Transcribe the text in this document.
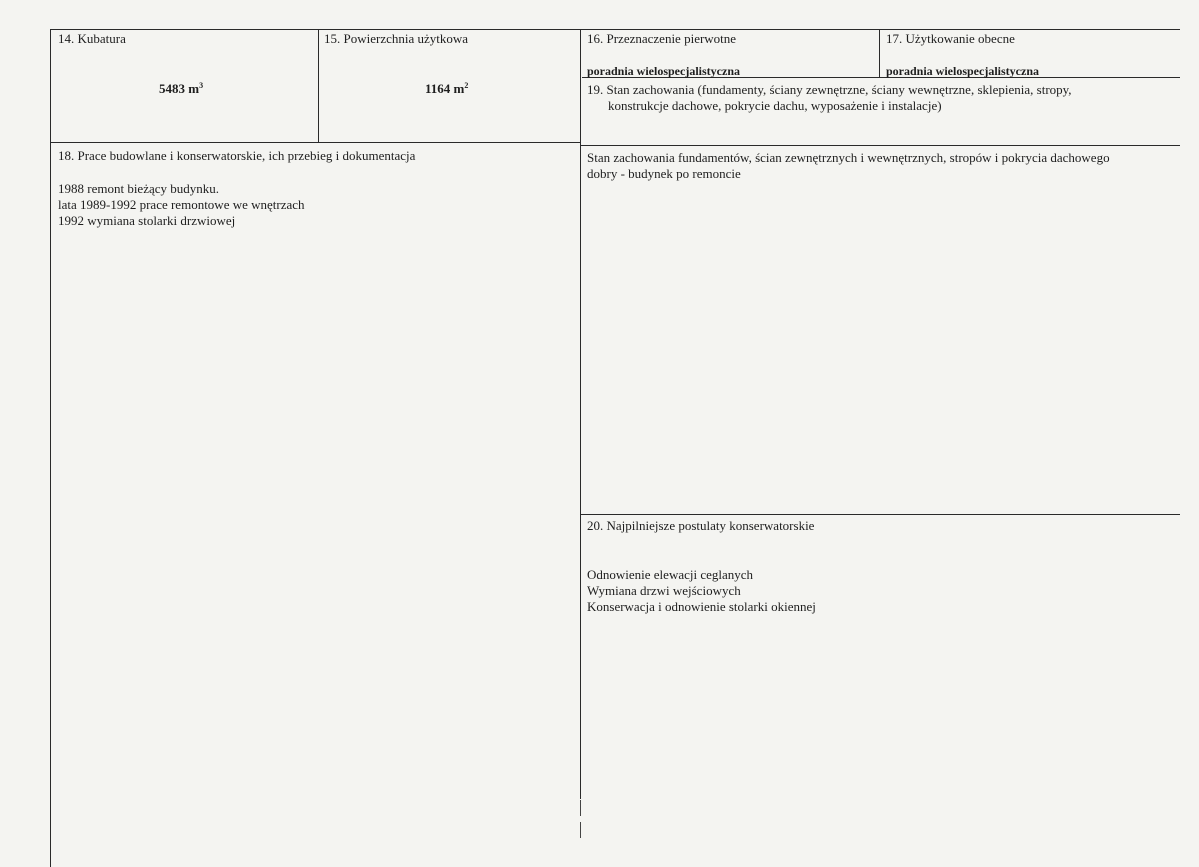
14. Kubatura
5483 $m^3$
15. Powierzchnia użytkowa
1164 $m^2$
16. Przeznaczenie pierwotne
poradnia wielospecjalistyczna
17. Użytkowanie obecne
poradnia wielospecjalistyczna
19. Stan zachowania (fundamenty, ściany zewnętrzne, ściany wewnętrzne, sklepienia, stropy,
konstrukcje dachowe, pokrycie dachu, wyposażenie i instalacje)
Stan zachowania fundamentów, ścian zewnętrznych i wewnętrznych, stropów i pokrycia dachowego
dobry - budynek po remoncie
18. Prace budowlane i konserwatorskie, ich przebieg i dokumentacja
1988 remont bieżący budynku.
lata 1989-1992 prace remontowe we wnętrzach
1992 wymiana stolarki drzwiowej
20. Najpilniejsze postulaty konserwatorskie
Odnowienie elewacji ceglanych
Wymiana drzwi wejściowych
Konserwacja i odnowienie stolarki okiennej
